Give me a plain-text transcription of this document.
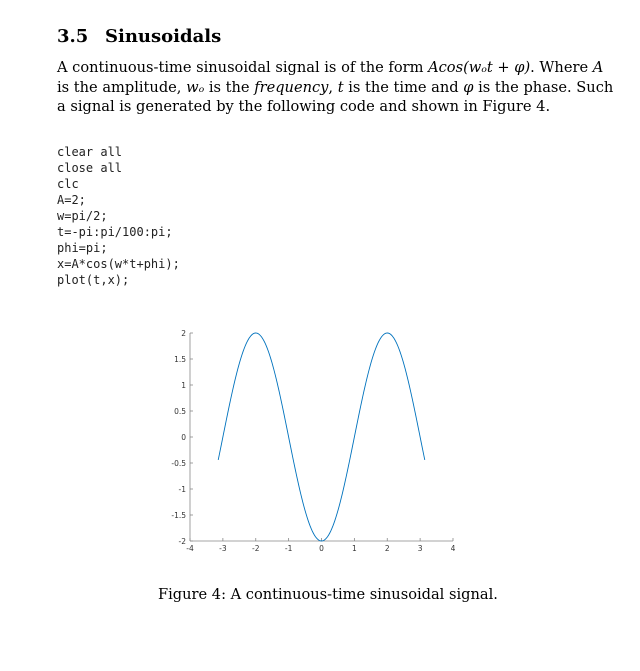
3.5 Sinusoidals
A continuous-time sinusoidal signal is of the form Acos(wₒt + φ). Where A
is the amplitude, wₒ is the frequency, t is the time and φ is the phase. Such
a signal is generated by the following code and shown in Figure 4.
clear all
close all
clc
A=2;
w=pi/2;
t=-pi:pi/100:pi;
phi=pi;
x=A*cos(w*t+phi);
plot(t,x);
-2
-1.5
-1
-0.5
0
0.5
1
1.5
2
-4	-3	-2	-1	0	1	2	3	4
Figure 4: A continuous-time sinusoidal signal.
